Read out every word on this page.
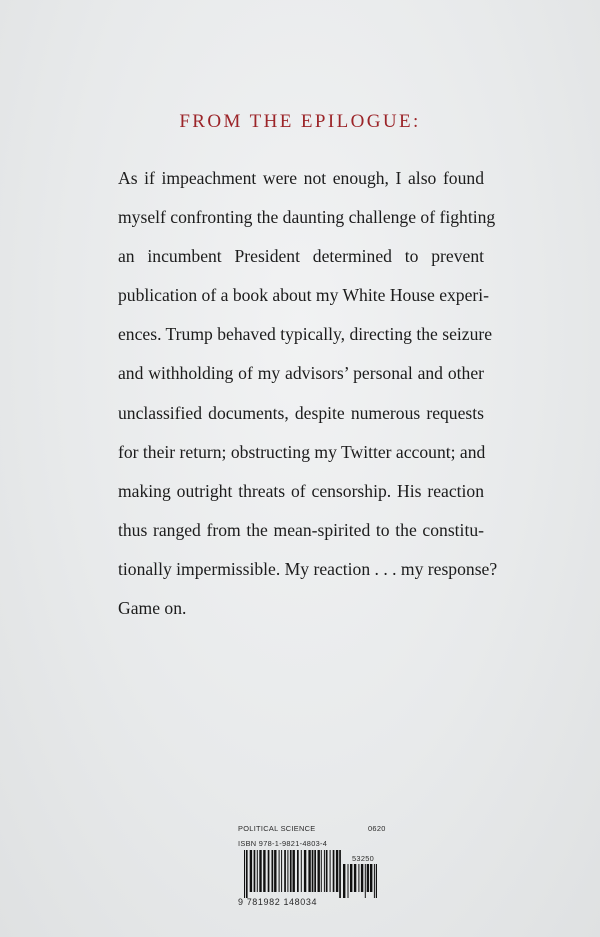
FROM THE EPILOGUE:
As if impeachment were not enough, I also found
myself confronting the daunting challenge of fighting
an incumbent President determined to prevent
publication of a book about my White House experi-
ences. Trump behaved typically, directing the seizure
and withholding of my advisors’ personal and other
unclassified documents, despite numerous requests
for their return; obstructing my Twitter account; and
making outright threats of censorship. His reaction
thus ranged from the mean-spirited to the constitu-
tionally impermissible. My reaction . . . my response?
Game on.
POLITICAL SCIENCE	0620
ISBN 978-1-9821-4803-4
53250
9 781982 148034
